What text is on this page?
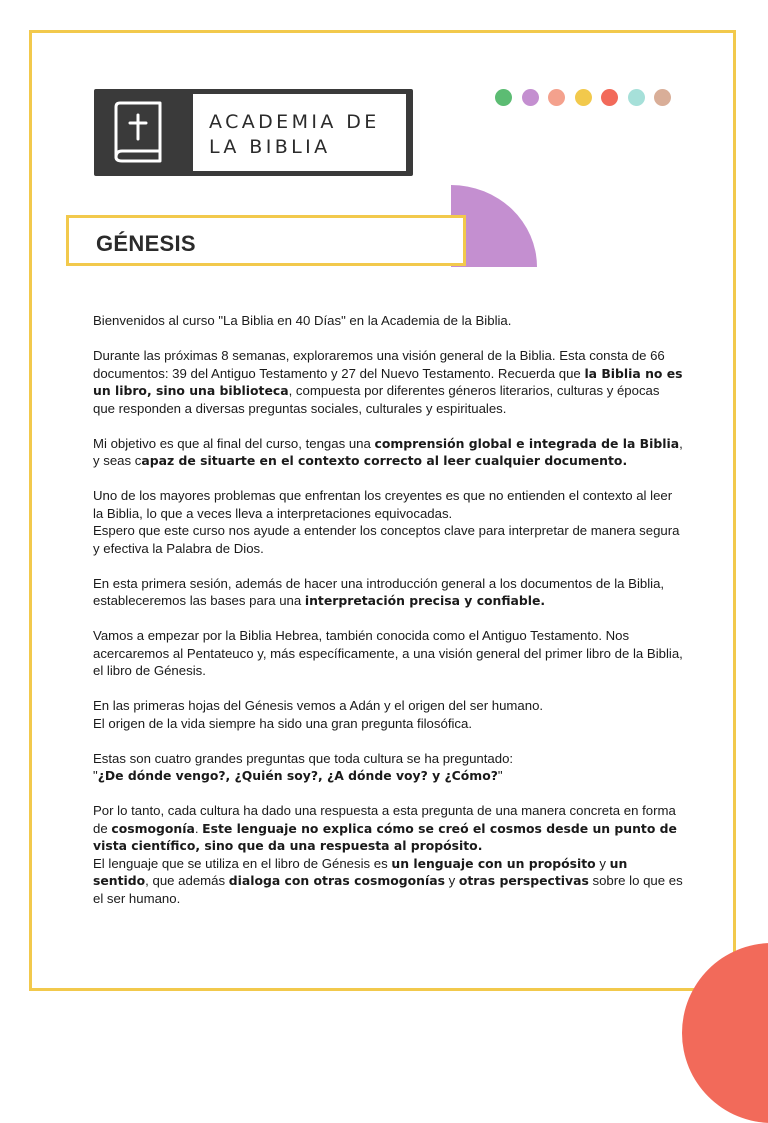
ACADEMIA DE
LA BIBLIA
GÉNESIS

Bienvenidos al curso "La Biblia en 40 Días" en la Academia de la Biblia.

Durante las próximas 8 semanas, exploraremos una visión general de la Biblia. Esta consta de 66 documentos: 39 del Antiguo Testamento y 27 del Nuevo Testamento. Recuerda que la Biblia no es un libro, sino una biblioteca, compuesta por diferentes géneros literarios, culturas y épocas que responden a diversas preguntas sociales, culturales y espirituales.

Mi objetivo es que al final del curso, tengas una comprensión global e integrada de la Biblia, y seas capaz de situarte en el contexto correcto al leer cualquier documento.

Uno de los mayores problemas que enfrentan los creyentes es que no entienden el contexto al leer la Biblia, lo que a veces lleva a interpretaciones equivocadas.
Espero que este curso nos ayude a entender los conceptos clave para interpretar de manera segura y efectiva la Palabra de Dios.

En esta primera sesión, además de hacer una introducción general a los documentos de la Biblia, estableceremos las bases para una interpretación precisa y confiable.

Vamos a empezar por la Biblia Hebrea, también conocida como el Antiguo Testamento. Nos acercaremos al Pentateuco y, más específicamente, a una visión general del primer libro de la Biblia, el libro de Génesis.

En las primeras hojas del Génesis vemos a Adán y el origen del ser humano.
El origen de la vida siempre ha sido una gran pregunta filosófica.

Estas son cuatro grandes preguntas que toda cultura se ha preguntado:
"¿De dónde vengo?, ¿Quién soy?, ¿A dónde voy? y ¿Cómo?"

Por lo tanto, cada cultura ha dado una respuesta a esta pregunta de una manera concreta en forma de cosmogonía. Este lenguaje no explica cómo se creó el cosmos desde un punto de vista científico, sino que da una respuesta al propósito.
El lenguaje que se utiliza en el libro de Génesis es un lenguaje con un propósito y un sentido, que además dialoga con otras cosmogonías y otras perspectivas sobre lo que es el ser humano.
